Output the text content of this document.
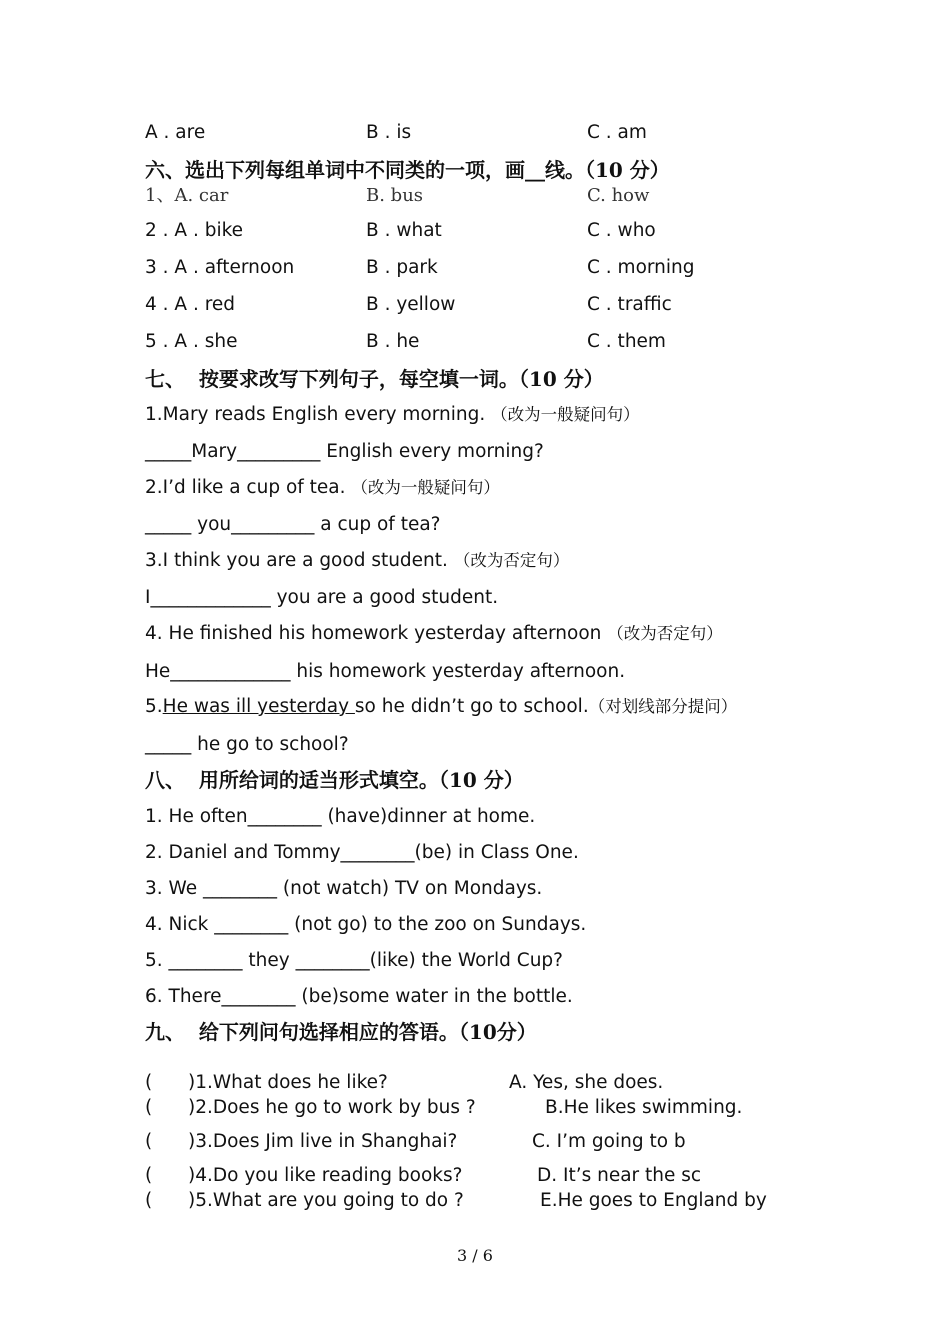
A . are	B . is	C . am
六、选出下列每组单词中不同类的一项，画__线。（10 分）
1、A. car	B. bus	C. how
2 . A . bike	B . what	C . who
3 . A . afternoon	B . park	C . morning
4 . A . red	B . yellow	C . traffic
5 . A . she	B . he	C . them
七、  按要求改写下列句子，每空填一词。（10 分）
1.Mary reads English every morning. （改为一般疑问句）
_____Mary_________ English every morning?
2.I’d like a cup of tea. （改为一般疑问句）
_____ you_________ a cup of tea?
3.I think you are a good student. （改为否定句）
I_____________ you are a good student.
4. He finished his homework yesterday afternoon （改为否定句）
He_____________ his homework yesterday afternoon.
5.He was ill yesterday so he didn’t go to school.（对划线部分提问）
_____ he go to school?
八、  用所给词的适当形式填空。（10 分）
1. He often________ (have)dinner at home.
2. Daniel and Tommy________(be) in Class One.
3. We ________ (not watch) TV on Mondays.
4. Nick ________ (not go) to the zoo on Sundays.
5. ________ they ________(like) the World Cup?
6. There________ (be)some water in the bottle.
九、  给下列问句选择相应的答语。（10分）
( )1.What does he like?	A. Yes, she does.
( )2.Does he go to work by bus ?	B.He likes swimming.
( )3.Does Jim live in Shanghai?	C. I’m going to b
( )4.Do you like reading books?	D. It’s near the sc
( )5.What are you going to do ?	E.He goes to England by
3 / 6
